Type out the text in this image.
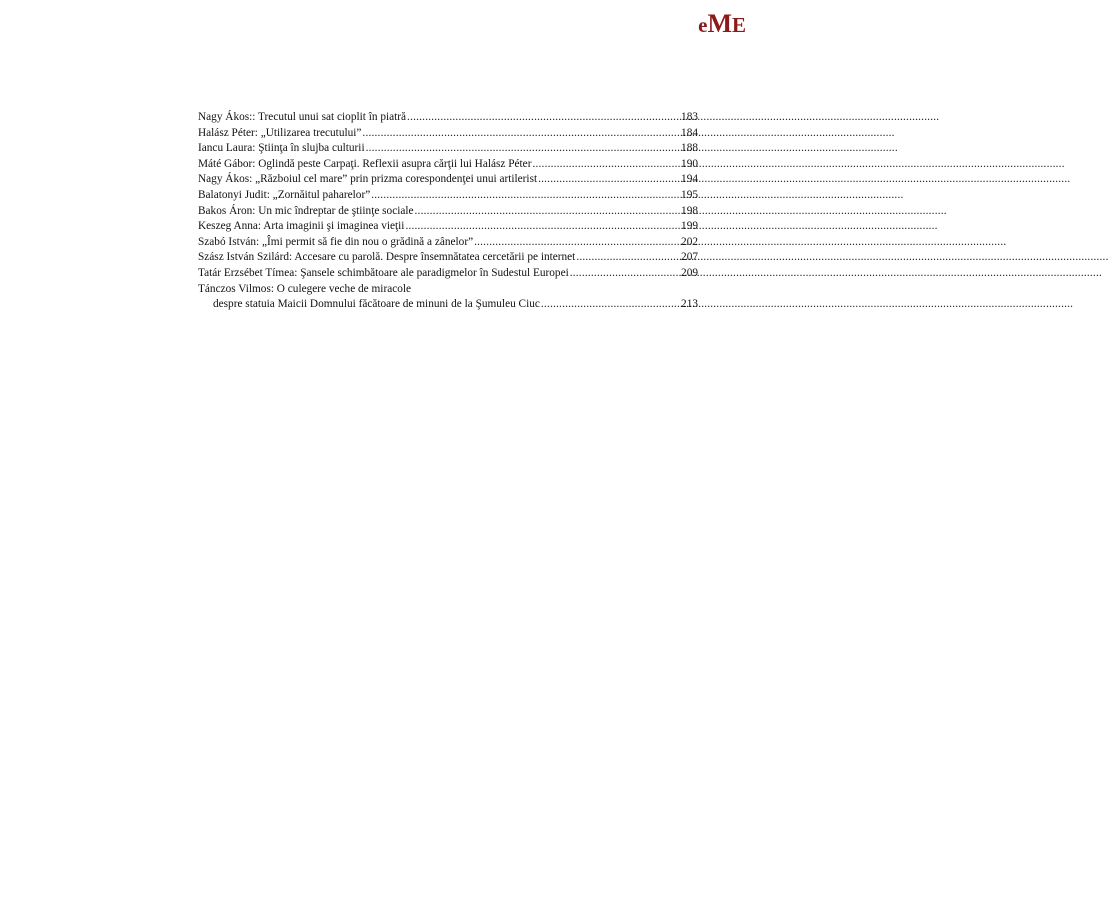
eME
Nagy Ákos:: Trecutul unui sat cioplit în piatră .....	183
Halász Péter: „Utilizarea trecutului” .....	184
Iancu Laura: Ştiinţa în slujba culturii .....	188
Máté Gábor: Oglindă peste Carpaţi. Reflexii asupra cărţii lui Halász Péter .....	190
Nagy Ákos: „Războiul cel mare” prin prizma corespondenţei unui artilerist .....	194
Balatonyi Judit: „Zornăitul paharelor” .....	195
Bakos Áron: Un mic îndreptar de ştiinţe sociale .....	198
Keszeg Anna: Arta imaginii şi imaginea vieţii .....	199
Szabó István: „Îmi permit să fie din nou o grădină a zânelor” .....	202
Szász István Szilárd: Accesare cu parolă. Despre însemnătatea cercetării pe internet .....	207
Tatár Erzsébet Tímea: Şansele schimbătoare ale paradigmelor în Sudestul Europei .....	209
Tánczos Vilmos: O culegere veche de miracole
despre statuia Maicii Domnului făcătoare de minuni de la Şumuleu Ciuc .....	213
